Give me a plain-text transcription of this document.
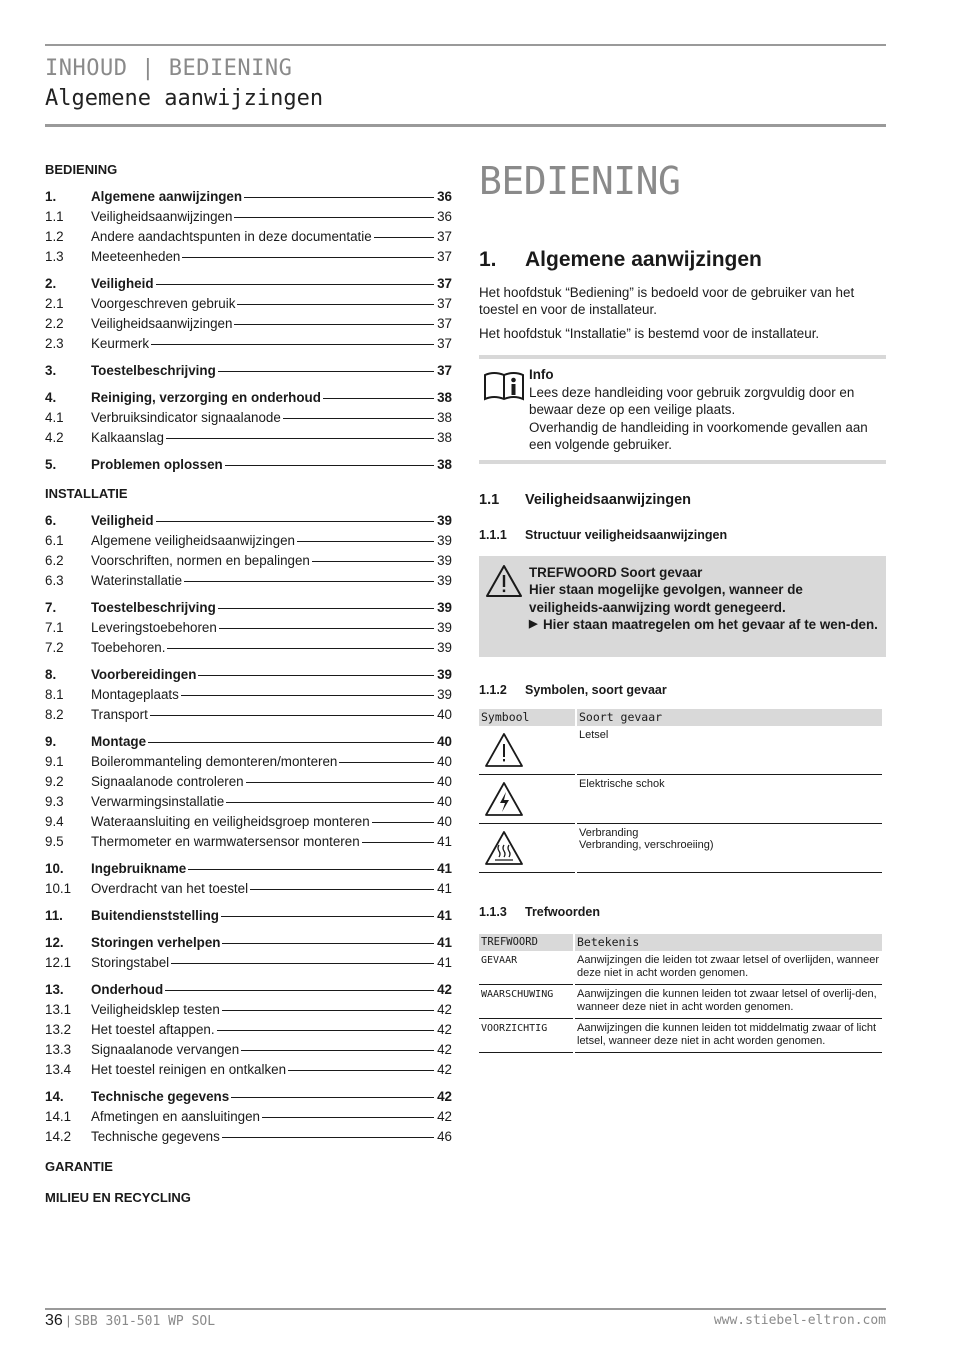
INHOUD | BEDIENING
Algemene aanwijzingen
BEDIENING
1.	Algemene aanwijzingen	36
1.1	Veiligheidsaanwijzingen	36
1.2	Andere aandachtspunten in deze documentatie	37
1.3	Meeteenheden	37
2.	Veiligheid	37
2.1	Voorgeschreven gebruik	37
2.2	Veiligheidsaanwijzingen	37
2.3	Keurmerk	37
3.	Toestelbeschrijving	37
4.	Reiniging, verzorging en onderhoud	38
4.1	Verbruiksindicator signaalanode	38
4.2	Kalkaanslag	38
5.	Problemen oplossen	38
INSTALLATIE
6.	Veiligheid	39
6.1	Algemene veiligheidsaanwijzingen	39
6.2	Voorschriften, normen en bepalingen	39
6.3	Waterinstallatie	39
7.	Toestelbeschrijving	39
7.1	Leveringstoebehoren	39
7.2	Toebehoren.	39
8.	Voorbereidingen	39
8.1	Montageplaats	39
8.2	Transport	40
9.	Montage	40
9.1	Boilerommanteling demonteren/monteren	40
9.2	Signaalanode controleren	40
9.3	Verwarmingsinstallatie	40
9.4	Wateraansluiting en veiligheidsgroep monteren	40
9.5	Thermometer en warmwatersensor monteren	41
10.	Ingebruikname	41
10.1	Overdracht van het toestel	41
11.	Buitendienststelling	41
12.	Storingen verhelpen	41
12.1	Storingstabel	41
13.	Onderhoud	42
13.1	Veiligheidsklep testen	42
13.2	Het toestel aftappen.	42
13.3	Signaalanode vervangen	42
13.4	Het toestel reinigen en ontkalken	42
14.	Technische gegevens	42
14.1	Afmetingen en aansluitingen	42
14.2	Technische gegevens	46
GARANTIE
MILIEU EN RECYCLING
BEDIENING
1.	Algemene aanwijzingen

Het hoofdstuk “Bediening” is bedoeld voor de gebruiker van het toestel en voor de installateur.

Het hoofdstuk “Installatie” is bestemd voor de installateur.

Info
Lees deze handleiding voor gebruik zorgvuldig door en bewaar deze op een veilige plaats.
Overhandig de handleiding in voorkomende gevallen aan een volgende gebruiker.
1.1	Veiligheidsaanwijzingen
1.1.1	Structuur veiligheidsaanwijzingen
TREFWOORD Soort gevaar
Hier staan mogelijke gevolgen, wanneer de veiligheids-aanwijzing wordt genegeerd.
▶ Hier staan maatregelen om het gevaar af te wen-den.
1.1.2	Symbolen, soort gevaar
Symbool		Soort gevaar

		Letsel

		Elektrische schok

		Verbranding
Verbranding, verschroeiing)
1.1.3	Trefwoorden
TREFWOORD		Betekenis
GEVAAR		Aanwijzingen die leiden tot zwaar letsel of overlijden, wanneer deze niet in acht worden genomen.
WAARSCHUWING		Aanwijzingen die kunnen leiden tot zwaar letsel of overlij-den, wanneer deze niet in acht worden genomen.
VOORZICHTIG		Aanwijzingen die kunnen leiden tot middelmatig zwaar of licht letsel, wanneer deze niet in acht worden genomen.
36 | SBB 301-501 WP SOL	www.stiebel-eltron.com
